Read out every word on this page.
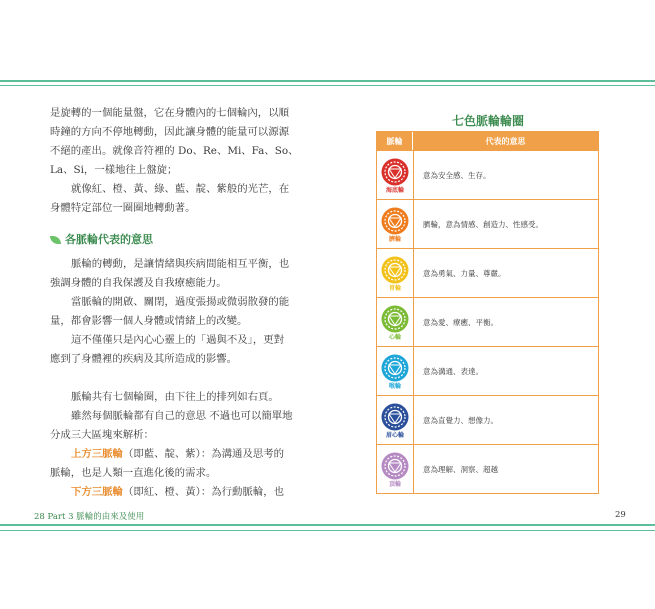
是旋轉的一個能量盤，它在身體內的七個輪內，以順

時鐘的方向不停地轉動，因此讓身體的能量可以源源

不絕的產出。就像音符裡的 Do、Re、Mi、Fa、So、

La、Si，一樣地往上盤旋；

就像紅、橙、黃、綠、藍、靛、紫般的光芒，在

身體特定部位一圈圈地轉動著。

各脈輪代表的意思

脈輪的轉動，是讓情緒與疾病間能相互平衡，也

強調身體的自我保護及自我療癒能力。

當脈輪的開啟、關閉，過度張揚或微弱散發的能

量，都會影響一個人身體或情緒上的改變。

這不僅僅只是內心心靈上的「過與不及」，更對

應到了身體裡的疾病及其所造成的影響。

脈輪共有七個輪圈，由下往上的排列如右頁。

雖然每個脈輪都有自己的意思 不過也可以簡單地

分成三大區塊來解析：

上方三脈輪（即藍、靛、紫）：為溝通及思考的

脈輪，也是人類一直進化後的需求。

下方三脈輪（即紅、橙、黃）：為行動脈輪，也

28 Part 3 脈輪的由來及使用	29
七色脈輪輪圈
脈輪	代表的意思
海底輪
意為安全感、生存。
臍輪
臍輪，意為情感、創造力、性感受。
胃輪
意為勇氣、力量、尊嚴。
心輪
意為愛、療癒、平衡。
喉輪
意為溝通、表達。
眉心輪
意為直覺力、想像力。
頂輪
意為理解、洞察、超越
